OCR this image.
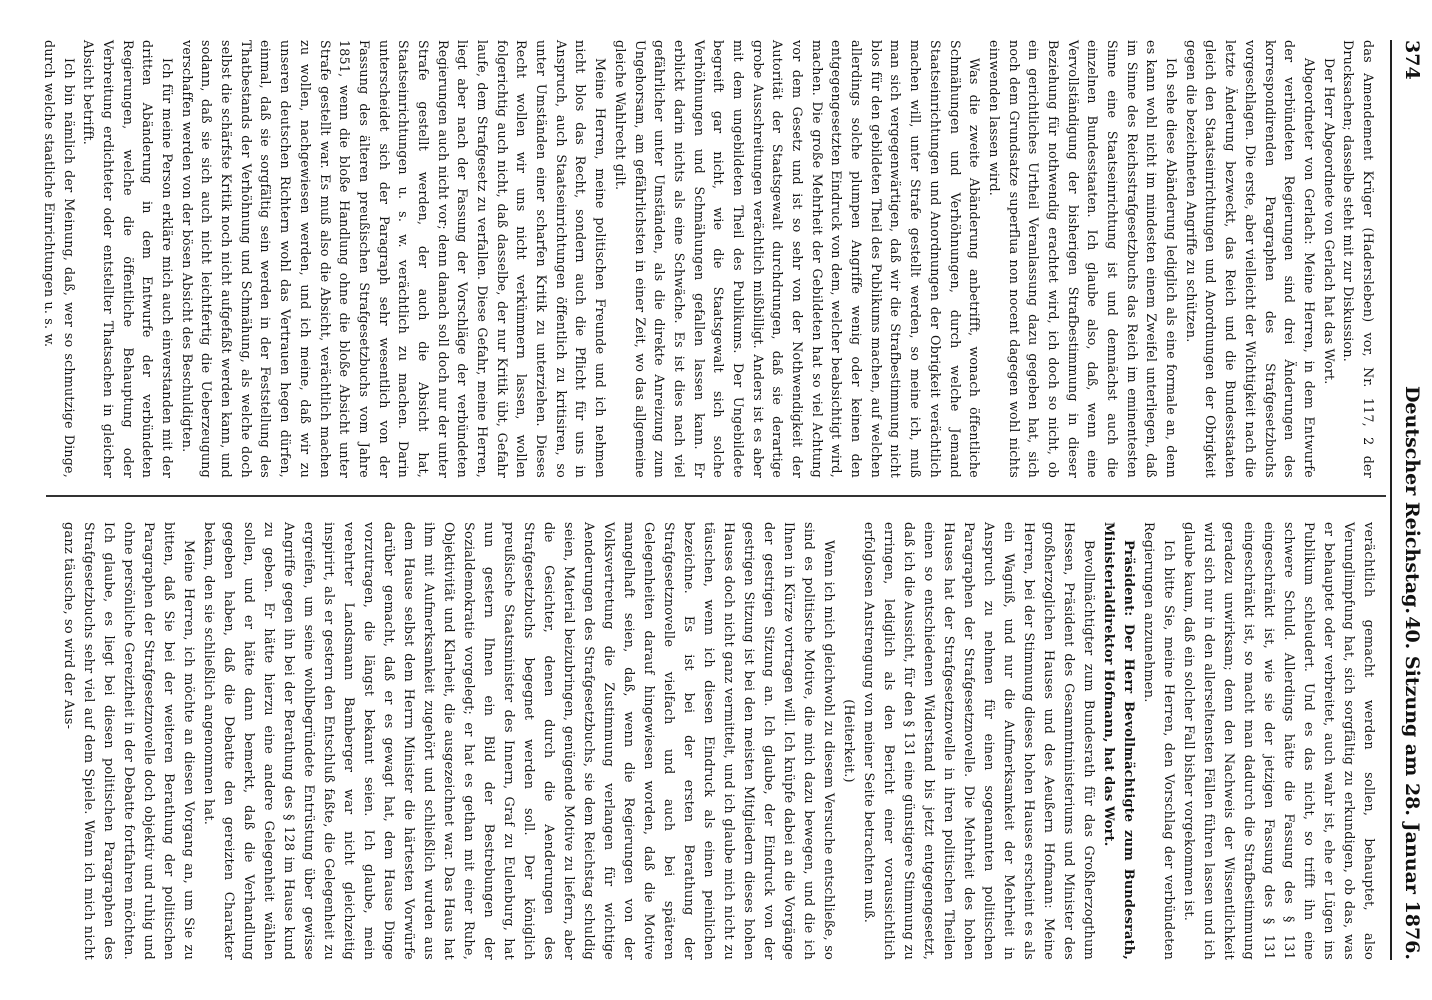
374
Deutscher Reichstag.
40. Sitzung am 28. Januar 1876.

das Amendement Krüger (Hadersleben) vor, Nr. 117, 2 der Drucksachen; dasselbe steht mit zur Diskussion.

Der Herr Abgeordnete von Gerlach hat das Wort.

Abgeordneter von Gerlach: Meine Herren, in dem Entwurfe der verbündeten Regierungen sind drei Änderungen des korrespondirenden Paragraphen des Strafgesetzbuchs vorgeschlagen. Die erste, aber vielleicht der Wichtigkeit nach die letzte Änderung bezweckt, das Reich und die Bundesstaaten gleich den Staatseinrichtungen und Anordnungen der Obrigkeit gegen die bezeichneten Angriffe zu schützen.

Ich sehe diese Abänderung lediglich als eine formale an, denn es kann wohl nicht im mindesten einem Zweifel unterliegen, daß im Sinne des Reichsstrafgesetzbuchs das Reich im eminentesten Sinne eine Staatseinrichtung ist und demnächst auch die einzelnen Bundesstaaten. Ich glaube also, daß, wenn eine Vervollständigung der bisherigen Strafbestimmung in dieser Beziehung für nothwendig erachtet wird, ich doch so nicht, ob ein gerichtliches Urtheil Veranlassung dazu gegeben hat, sich noch dem Grundsatze superflua non nocent dagegen wohl nichts einwenden lassen wird.

Was die zweite Abänderung anbetrifft, wonach öffentliche Schmähungen und Verhöhnungen, durch welche Jemand Staatseinrichtungen und Anordnungen der Obrigkeit verächtlich machen will, unter Strafe gestellt werden, so meine ich, muß man sich vergegenwärtigen, daß wir die Strafbestimmung nicht blos für den gebildeten Theil des Publikums machen, auf welchen allerdings solche plumpen Angriffe wenig oder keinen den entgegengesetzten Eindruck von dem, welcher beabsichtigt wird, machen. Die große Mehrheit der Gebildeten hat so viel Achtung vor dem Gesetz und ist so sehr von der Nothwendigkeit der Autorität der Staatsgewalt durchdrungen, daß sie derartige grobe Ausschreitungen verächtlich mißbilligt. Anders ist es aber mit dem ungebildeten Theil des Publikums. Der Ungebildete begreift gar nicht, wie die Staatsgewalt sich solche Verhöhnungen und Schmähungen gefallen lassen kann. Er erblickt darin nichts als eine Schwäche. Es ist dies nach viel gefährlicher unter Umständen, als die direkte Anreizung zum Ungehorsam, am gefährlichsten in einer Zeit, wo das allgemeine gleiche Wahlrecht gilt.

Meine Herren, meine politischen Freunde und ich nehmen nicht blos das Recht, sondern auch die Pflicht für uns in Anspruch, auch Staatseinrichtungen öffentlich zu kritisiren, so unter Umständen einer scharfen Kritik zu unterziehen. Dieses Recht wollen wir uns nicht verkümmern lassen, wollen folgerichtig auch nicht, daß dasselbe, der nur Kritik übt, Gefahr laufe, dem Strafgesetz zu verfallen. Diese Gefahr, meine Herren, liegt aber nach der Fassung der Vorschläge der verbündeten Regierungen auch nicht vor; denn danach soll doch nur der unter Strafe gestellt werden, der auch die Absicht hat, Staatseinrichtungen u. s. w. verächtlich zu machen. Darin unterscheidet sich der Paragraph sehr wesentlich von der Fassung des älteren preußischen Strafgesetzbuchs vom Jahre 1851, wenn die bloße Handlung ohne die bloße Absicht unter Strafe gestellt war. Es muß also die Absicht, verächtlich machen zu wollen, nachgewiesen werden, und ich meine, daß wir zu unseren deutschen Richtern wohl das Vertrauen hegen dürfen, einmal, daß sie sorgfältig sein werden in der Feststellung des Thatbestands der Verhöhnung und Schmähung, als welche doch selbst die schärfste Kritik noch nicht aufgefaßt werden kann, und sodann, daß sie sich auch nicht leichtfertig die Ueberzeugung verschaffen werden von der bösen Absicht des Beschuldigten.

Ich für meine Person erkläre mich auch einverstanden mit der dritten Abänderung in dem Entwurfe der verbündeten Regierungen, welche die öffentliche Behauptung oder Verbreitung erdichteter oder entstellter Thatsachen in gleicher Absicht betrifft.

Ich bin nämlich der Meinung, daß, wer so schmutzige Dinge, durch welche staatliche Einrichtungen u. s. w.

verächtlich gemacht werden sollen, behauptet, also Verunglimpfung hat, sich sorgfältig zu erkundigen, ob das, was er behauptet oder verbreitet, auch wahr ist, ehe er Lügen ins Publikum schleudert. Und es das nicht, so trifft ihn eine schwere Schuld. Allerdings hätte die Fassung des § 131 eingeschränkt ist, wie sie der jetzigen Fassung des § 131 eingeschränkt ist, so macht man dadurch die Strafbestimmung geradezu unwirksam; denn den Nachweis der Wissentlichkeit wird sich nur in den allerseltensten Fällen führen lassen und ich glaube kaum, daß ein solcher Fall bisher vorgekommen ist.

Ich bitte Sie, meine Herren, den Vorschlag der verbündeten Regierungen anzunehmen.

Präsident: Der Herr Bevollmächtigte zum Bundesrath, Ministerialdirektor Hofmann, hat das Wort.

Bevollmächtigter zum Bundesrath für das Großherzogthum Hessen, Präsident des Gesammtministeriums und Minister des großherzoglichen Hauses und des Aeußern Hofmann: Meine Herren, bei der Stimmung dieses hohen Hauses erscheint es als ein Wagniß, und nur die Aufmerksamkeit der Mehrheit in Anspruch zu nehmen für einen sogenannten politischen Paragraphen der Strafgesetznovelle. Die Mehrheit des hohen Hauses hat der Strafgesetznovelle in ihren politischen Theilen einen so entschiedenen Widerstand bis jetzt entgegengesetzt, daß ich die Aussicht, für den § 131 eine günstigere Stimmung zu erringen, lediglich als den Bericht einer voraussichtlich erfolglosen Anstrengung von meiner Seite betrachten muß.

(Heiterkeit.)

Wenn ich mich gleichwohl zu diesem Versuche entschließe, so sind es politische Motive, die mich dazu bewegen, und die ich Ihnen in Kürze vortragen will. Ich knüpfe dabei an die Vorgänge der gestrigen Sitzung an. Ich glaube, der Eindruck von der gestrigen Sitzung ist bei den meisten Mitgliedern dieses hohen Hauses doch nicht ganz vermittelt, und ich glaube mich nicht zu täuschen, wenn ich diesen Eindruck als einen peinlichen bezeichne. Es ist bei der ersten Berathung der Strafgesetznovelle vielfach und auch bei späteren Gelegenheiten darauf hingewiesen worden, daß die Motive mangelhaft seien, daß, wenn die Regierungen von der Volksvertretung die Zustimmung verlangen für wichtige Aenderungen des Strafgesetzbuchs, sie dem Reichstag schuldig seien, Material beizubringen, genügende Motive zu liefern, aber die Gesichter, denen durch die Aenderungen des Strafgesetzbuchs begegnet werden soll. Der königlich preußische Staatsminister des Innern, Graf zu Eulenburg, hat nun gestern Ihnen ein Bild der Bestrebungen der Sozialdemokratie vorgelegt; er hat es gethan mit einer Ruhe, Objektivität und Klarheit, die ausgezeichnet war. Das Haus hat ihm mit Aufmerksamkeit zugehört und schließlich wurden aus dem Hause selbst dem Herrn Minister die härtesten Vorwürfe darüber gemacht, daß er es gewagt hat, dem Hause Dinge vorzutragen, die längst bekannt seien. Ich glaube, mein verehrter Landsmann Bamberger war nicht gleichzeitig inspirirt, als er gestern den Entschluß faßte, die Gelegenheit zu ergreifen, um seine wohlbegründete Entrüstung über gewisse Angriffe gegen ihn bei der Berathung des § 128 im Hause kund zu geben. Er hätte hierzu eine andere Gelegenheit wählen sollen, und er hätte dann bemerkt, daß die Verhandlung gegeben haben, daß die Debatte den gereizten Charakter bekam, den sie schließlich angenommen hat.

Meine Herren, ich möchte an diesen Vorgang an, um Sie zu bitten, daß Sie bei der weiteren Berathung der politischen Paragraphen der Strafgesetznovelle doch objektiv und ruhig und ohne persönliche Gereiztheit in der Debatte fortfahren möchten. Ich glaube, es liegt bei diesen politischen Paragraphen des Strafgesetzbuchs sehr viel auf dem Spiele. Wenn ich mich nicht ganz täusche, so wird der Aus-
